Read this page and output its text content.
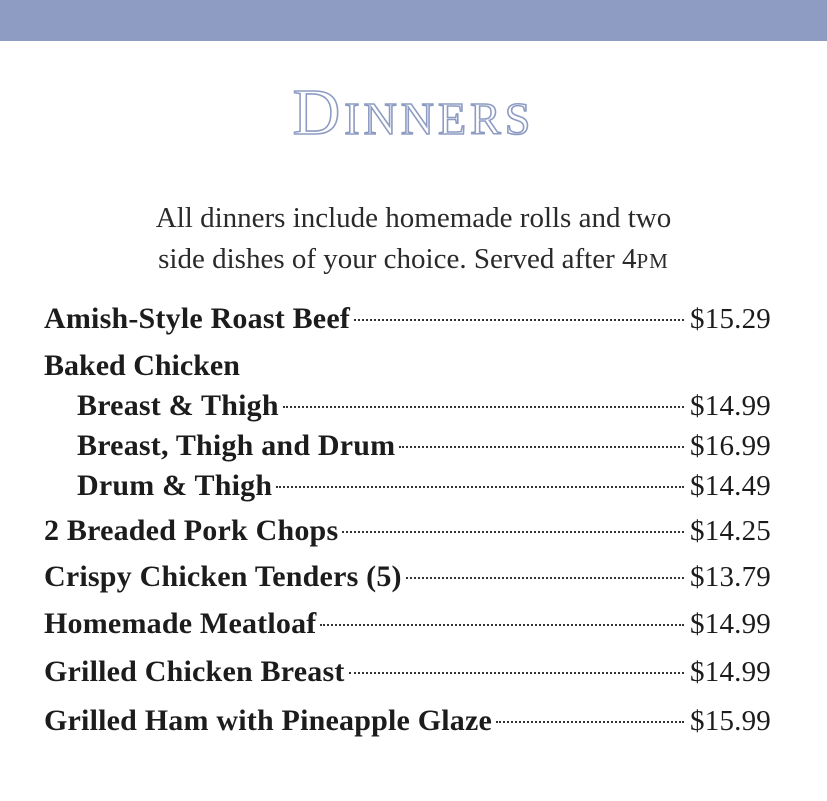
Dinners
All dinners include homemade rolls and two
side dishes of your choice. Served after 4PM
Amish-Style Roast Beef	$15.29
Baked Chicken
Breast & Thigh	$14.99
Breast, Thigh and Drum	$16.99
Drum & Thigh	$14.49
2 Breaded Pork Chops	$14.25
Crispy Chicken Tenders (5)	$13.79
Homemade Meatloaf	$14.99
Grilled Chicken Breast	$14.99
Grilled Ham with Pineapple Glaze	$15.99
